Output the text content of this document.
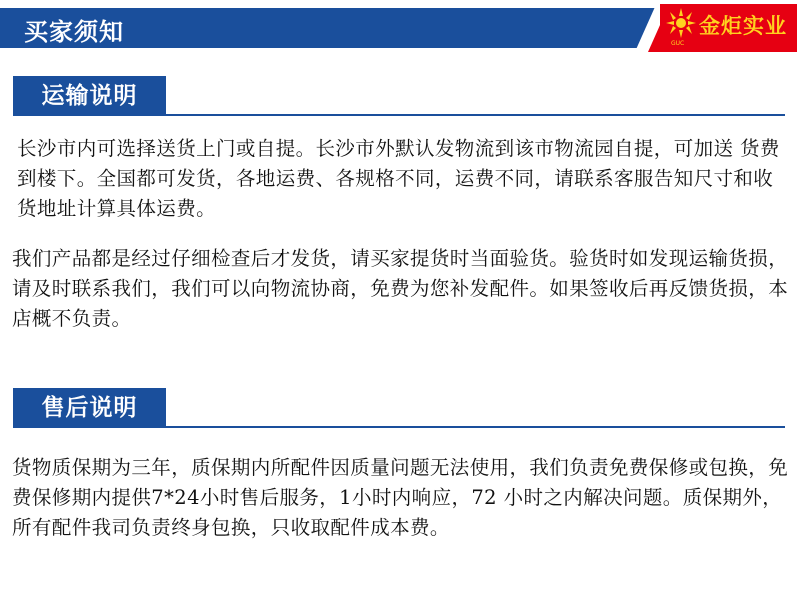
买家须知	GUC
金炬实业
运输说明

长沙市内可选择送货上门或自提。长沙市外默认发物流到该市物流园自提，可加送 货费到楼下。全国都可发货，各地运费、各规格不同，运费不同，请联系客服告知尺寸和收货地址计算具体运费。

我们产品都是经过仔细检查后才发货，请买家提货时当面验货。验货时如发现运输货损，请及时联系我们，我们可以向物流协商，免费为您补发配件。如果签收后再反馈货损，本店概不负责。

售后说明

货物质保期为三年，质保期内所配件因质量问题无法使用，我们负责免费保修或包换，免费保修期内提供7*24小时售后服务，1小时内响应，72 小时之内解决问题。质保期外，所有配件我司负责终身包换，只收取配件成本费。
